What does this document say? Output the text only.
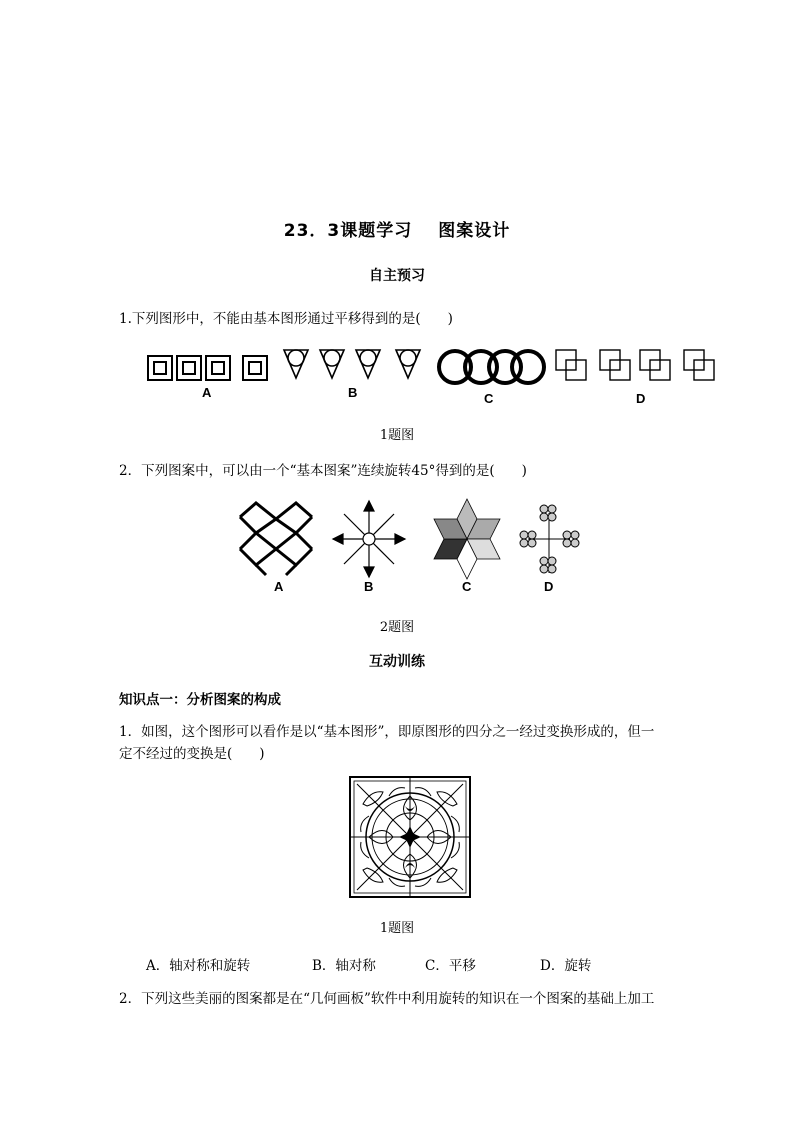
23．3课题学习 图案设计
自主预习
1.下列图形中，不能由基本图形通过平移得到的是(　　)
A	B	C	D
1题图
2．下列图案中，可以由一个“基本图案”连续旋转45°得到的是(　　)
A	B	C	D
2题图
互动训练
知识点一：分析图案的构成
1．如图，这个图形可以看作是以“基本图形”，即原图形的四分之一经过变换形成的，但一
定不经过的变换是(　　)
1题图
A．轴对称和旋转	B．轴对称	C．平移	D．旋转
2．下列这些美丽的图案都是在“几何画板”软件中利用旋转的知识在一个图案的基础上加工
